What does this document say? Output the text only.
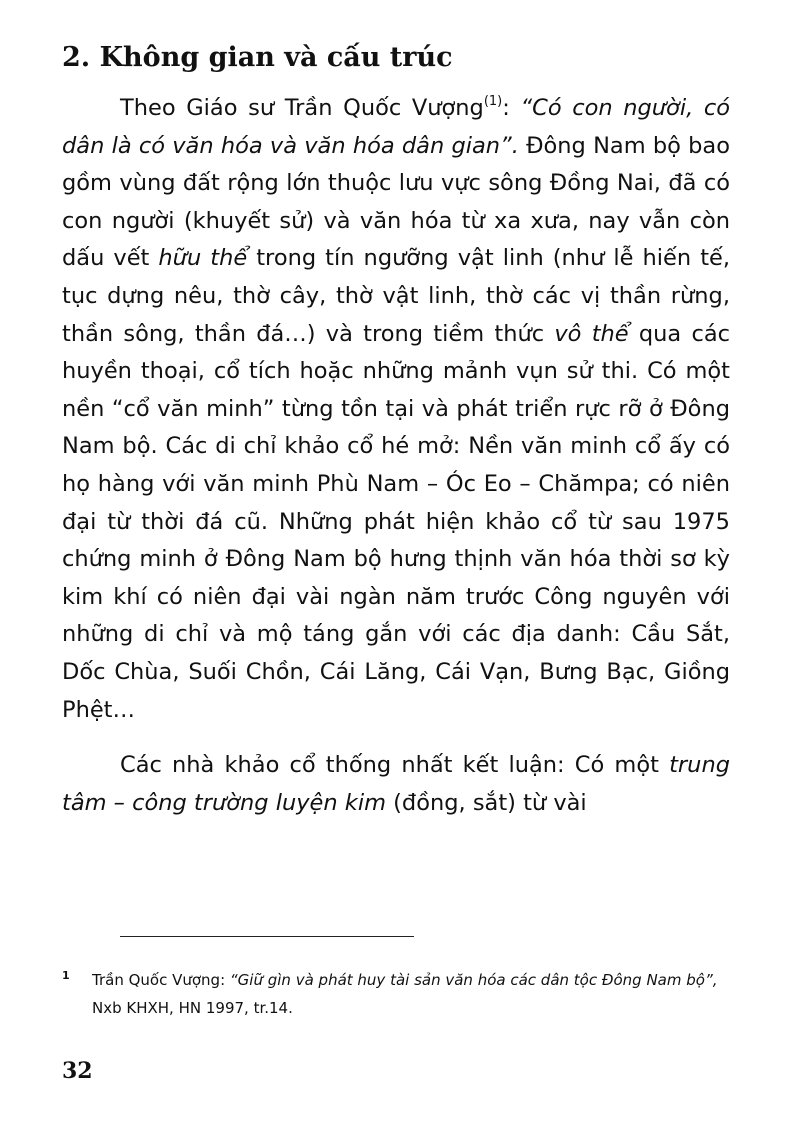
2. Không gian và cấu trúc

Theo Giáo sư Trần Quốc Vượng$^{(1)}$: “Có con người, có dân là có văn hóa và văn hóa dân gian”. Đông Nam bộ bao gồm vùng đất rộng lớn thuộc lưu vực sông Đồng Nai, đã có con người (khuyết sử) và văn hóa từ xa xưa, nay vẫn còn dấu vết hữu thể trong tín ngưỡng vật linh (như lễ hiến tế, tục dựng nêu, thờ cây, thờ vật linh, thờ các vị thần rừng, thần sông, thần đá…) và trong tiềm thức vô thể qua các huyền thoại, cổ tích hoặc những mảnh vụn sử thi. Có một nền “cổ văn minh” từng tồn tại và phát triển rực rỡ ở Đông Nam bộ. Các di chỉ khảo cổ hé mở: Nền văn minh cổ ấy có họ hàng với văn minh Phù Nam – Óc Eo – Chămpa; có niên đại từ thời đá cũ. Những phát hiện khảo cổ từ sau 1975 chứng minh ở Đông Nam bộ hưng thịnh văn hóa thời sơ kỳ kim khí có niên đại vài ngàn năm trước Công nguyên với những di chỉ và mộ táng gắn với các địa danh: Cầu Sắt, Dốc Chùa, Suối Chồn, Cái Lăng, Cái Vạn, Bưng Bạc, Giồng Phệt…

Các nhà khảo cổ thống nhất kết luận: Có một trung tâm – công trường luyện kim (đồng, sắt) từ vài

1 Trần Quốc Vượng: “Giữ gìn và phát huy tài sản văn hóa các dân tộc Đông Nam bộ”, Nxb KHXH, HN 1997, tr.14.
32
